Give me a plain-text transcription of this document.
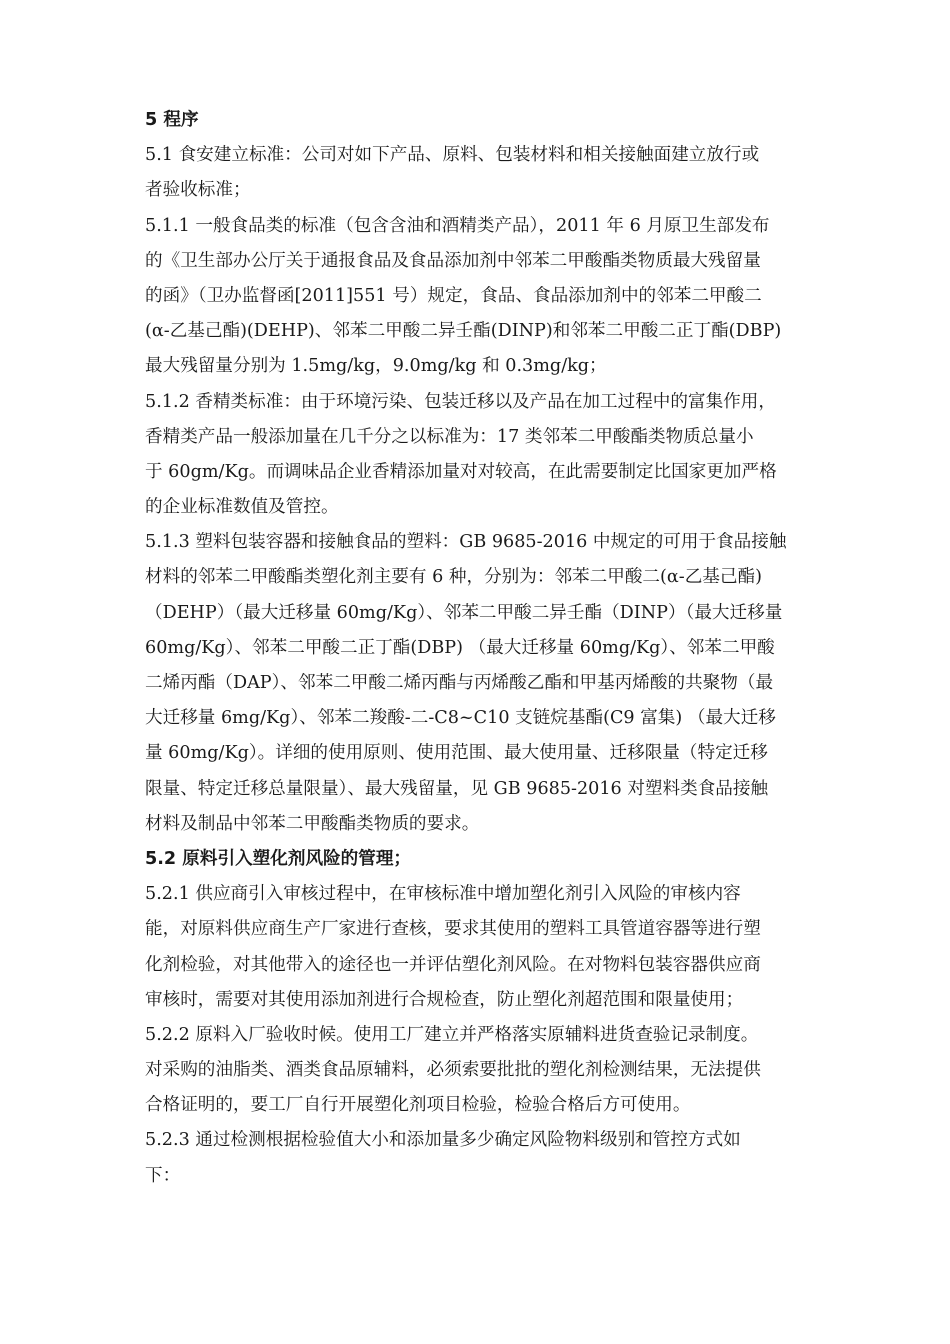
5 程序
5.1 食安建立标准：公司对如下产品、原料、包装材料和相关接触面建立放行或
者验收标准；
5.1.1 一般食品类的标准（包含含油和酒精类产品），2011 年 6 月原卫生部发布
的《卫生部办公厅关于通报食品及食品添加剂中邻苯二甲酸酯类物质最大残留量
的函》（卫办监督函[2011]551 号）规定，食品、食品添加剂中的邻苯二甲酸二
(α-乙基己酯)(DEHP)、邻苯二甲酸二异壬酯(DINP)和邻苯二甲酸二正丁酯(DBP)
最大残留量分别为 1.5mg/kg，9.0mg/kg 和 0.3mg/kg；
5.1.2 香精类标准：由于环境污染、包装迁移以及产品在加工过程中的富集作用，
香精类产品一般添加量在几千分之以标准为：17 类邻苯二甲酸酯类物质总量小
于 60gm/Kg。而调味品企业香精添加量对对较高，在此需要制定比国家更加严格
的企业标准数值及管控。
5.1.3 塑料包装容器和接触食品的塑料：GB 9685-2016 中规定的可用于食品接触
材料的邻苯二甲酸酯类塑化剂主要有 6 种，分别为：邻苯二甲酸二(α-乙基己酯)
（DEHP）（最大迁移量 60mg/Kg）、邻苯二甲酸二异壬酯（DINP）（最大迁移量
60mg/Kg）、邻苯二甲酸二正丁酯(DBP) （最大迁移量 60mg/Kg）、邻苯二甲酸
二烯丙酯（DAP）、邻苯二甲酸二烯丙酯与丙烯酸乙酯和甲基丙烯酸的共聚物（最
大迁移量 6mg/Kg）、邻苯二羧酸-二-C8~C10 支链烷基酯(C9 富集) （最大迁移
量 60mg/Kg）。详细的使用原则、使用范围、最大使用量、迁移限量（特定迁移
限量、特定迁移总量限量）、最大残留量，见 GB 9685-2016 对塑料类食品接触
材料及制品中邻苯二甲酸酯类物质的要求。
5.2 原料引入塑化剂风险的管理；
5.2.1 供应商引入审核过程中，在审核标准中增加塑化剂引入风险的审核内容
能，对原料供应商生产厂家进行查核，要求其使用的塑料工具管道容器等进行塑
化剂检验，对其他带入的途径也一并评估塑化剂风险。在对物料包装容器供应商
审核时，需要对其使用添加剂进行合规检查，防止塑化剂超范围和限量使用；
5.2.2 原料入厂验收时候。使用工厂建立并严格落实原辅料进货查验记录制度。
对采购的油脂类、酒类食品原辅料，必须索要批批的塑化剂检测结果，无法提供
合格证明的，要工厂自行开展塑化剂项目检验，检验合格后方可使用。
5.2.3 通过检测根据检验值大小和添加量多少确定风险物料级别和管控方式如
下：
